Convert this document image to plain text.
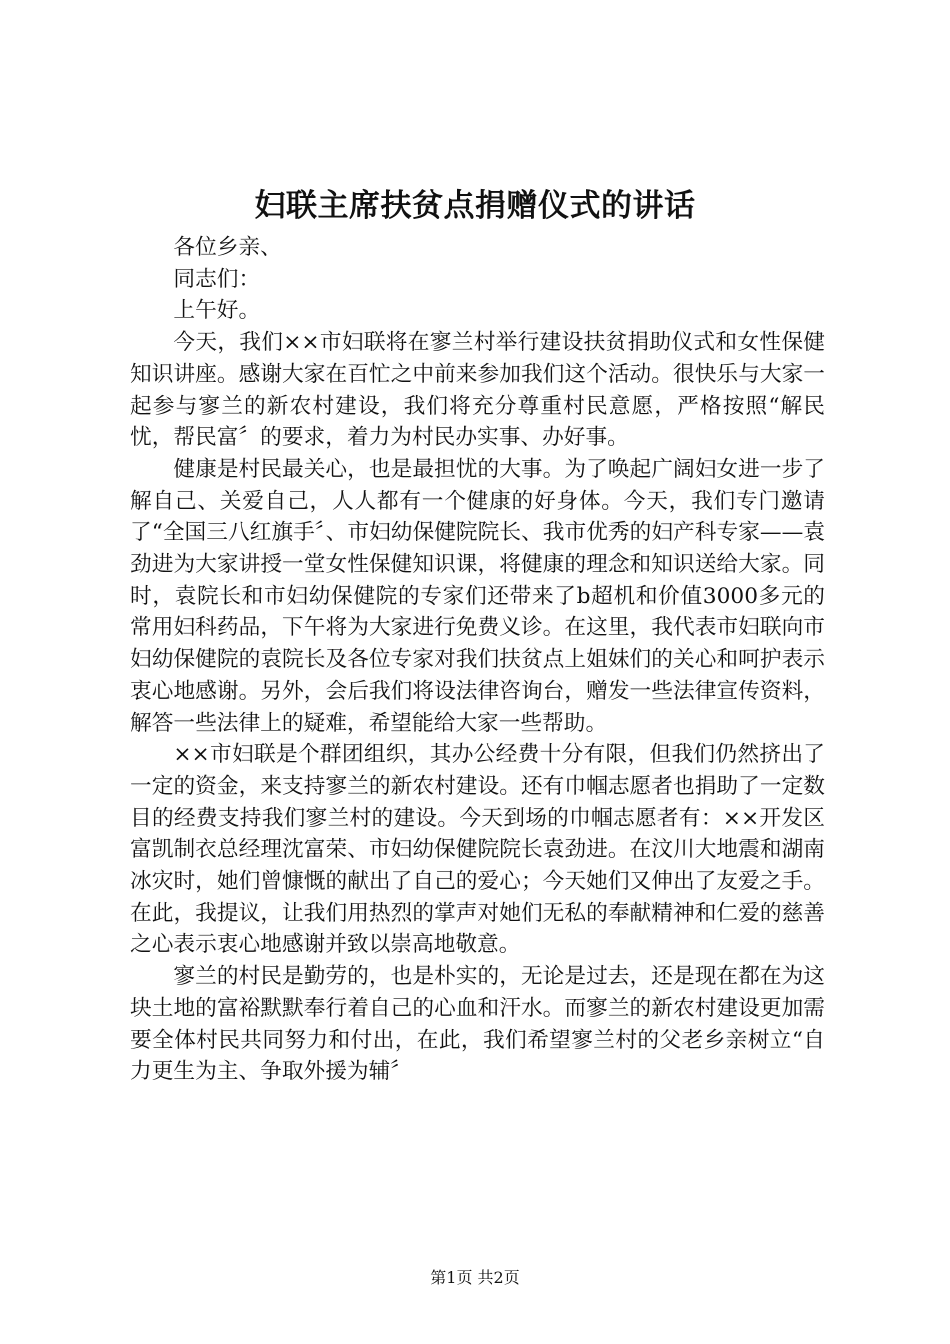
妇联主席扶贫点捐赠仪式的讲话

各位乡亲、

同志们：

上午好。

今天，我们××市妇联将在寥兰村举行建设扶贫捐助仪式和女性保健知识讲座。感谢大家在百忙之中前来参加我们这个活动。很快乐与大家一起参与寥兰的新农村建设，我们将充分尊重村民意愿，严格按照“解民忧，帮民富〞的要求，着力为村民办实事、办好事。

健康是村民最关心，也是最担忧的大事。为了唤起广阔妇女进一步了解自己、关爱自己，人人都有一个健康的好身体。今天，我们专门邀请了“全国三八红旗手〞、市妇幼保健院院长、我市优秀的妇产科专家——袁劲进为大家讲授一堂女性保健知识课，将健康的理念和知识送给大家。同时，袁院长和市妇幼保健院的专家们还带来了b超机和价值3000多元的常用妇科药品，下午将为大家进行免费义诊。在这里，我代表市妇联向市妇幼保健院的袁院长及各位专家对我们扶贫点上姐妹们的关心和呵护表示衷心地感谢。另外，会后我们将设法律咨询台，赠发一些法律宣传资料，解答一些法律上的疑难，希望能给大家一些帮助。

××市妇联是个群团组织，其办公经费十分有限，但我们仍然挤出了一定的资金，来支持寥兰的新农村建设。还有巾帼志愿者也捐助了一定数目的经费支持我们寥兰村的建设。今天到场的巾帼志愿者有：××开发区富凯制衣总经理沈富荣、市妇幼保健院院长袁劲进。在汶川大地震和湖南冰灾时，她们曾慷慨的献出了自己的爱心；今天她们又伸出了友爱之手。在此，我提议，让我们用热烈的掌声对她们无私的奉献精神和仁爱的慈善之心表示衷心地感谢并致以崇高地敬意。

寥兰的村民是勤劳的，也是朴实的，无论是过去，还是现在都在为这块土地的富裕默默奉行着自己的心血和汗水。而寥兰的新农村建设更加需要全体村民共同努力和付出，在此，我们希望寥兰村的父老乡亲树立“自力更生为主、争取外援为辅〞

第1页 共2页
